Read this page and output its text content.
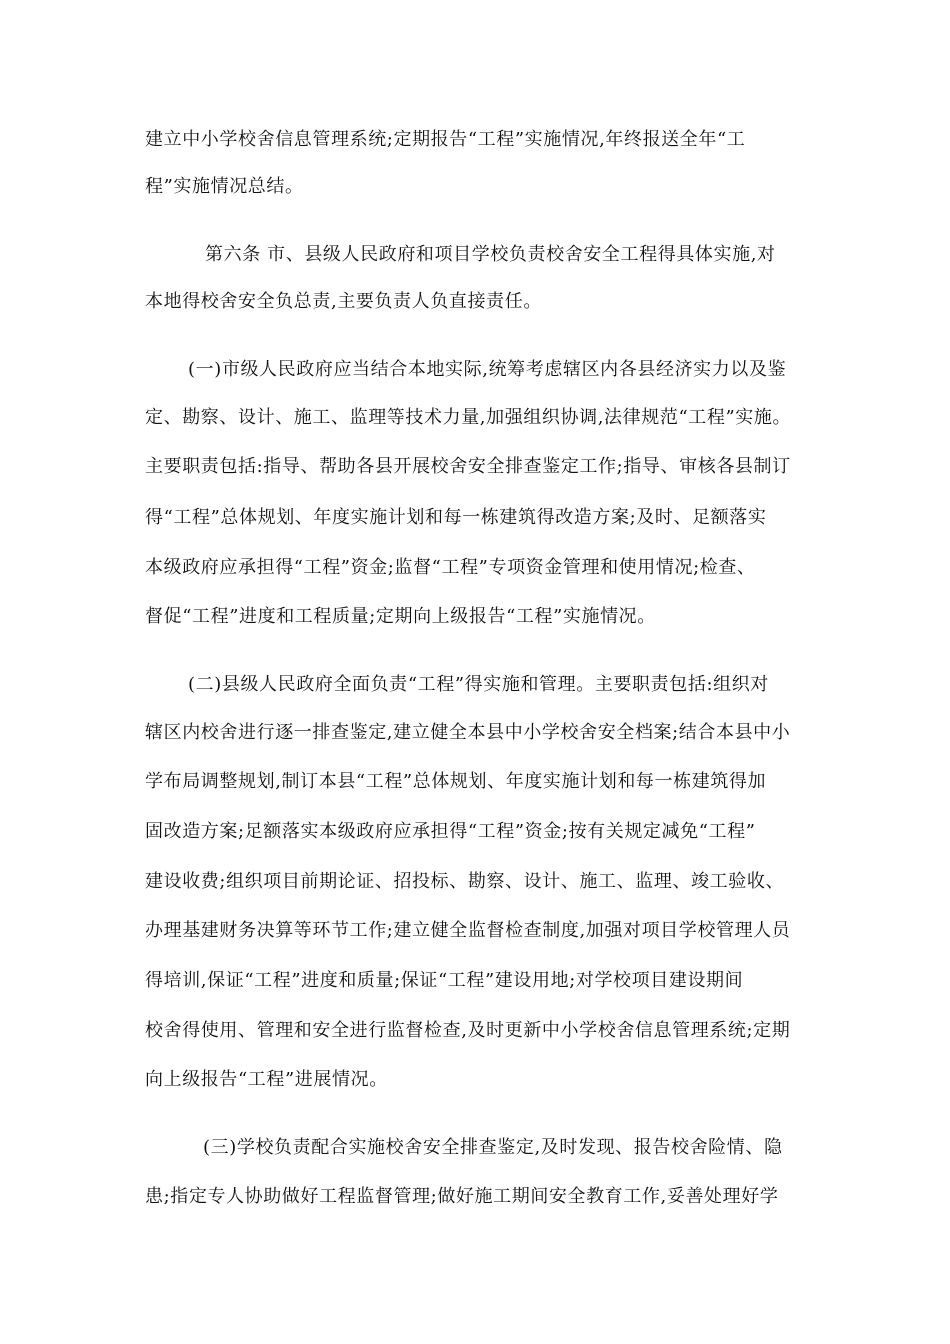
建立中小学校舍信息管理系统;定期报告“工程”实施情况,年终报送全年“工
程”实施情况总结。
第六条 市、县级人民政府和项目学校负责校舍安全工程得具体实施,对
本地得校舍安全负总责,主要负责人负直接责任。
(一)市级人民政府应当结合本地实际,统筹考虑辖区内各县经济实力以及鉴
定、勘察、设计、施工、监理等技术力量,加强组织协调,法律规范“工程”实施。
主要职责包括:指导、帮助各县开展校舍安全排查鉴定工作;指导、审核各县制订
得“工程”总体规划、年度实施计划和每一栋建筑得改造方案;及时、足额落实
本级政府应承担得“工程”资金;监督“工程”专项资金管理和使用情况;检查、
督促“工程”进度和工程质量;定期向上级报告“工程”实施情况。
(二)县级人民政府全面负责“工程”得实施和管理。主要职责包括:组织对
辖区内校舍进行逐一排查鉴定,建立健全本县中小学校舍安全档案;结合本县中小
学布局调整规划,制订本县“工程”总体规划、年度实施计划和每一栋建筑得加
固改造方案;足额落实本级政府应承担得“工程”资金;按有关规定减免“工程”
建设收费;组织项目前期论证、招投标、勘察、设计、施工、监理、竣工验收、
办理基建财务决算等环节工作;建立健全监督检查制度,加强对项目学校管理人员
得培训,保证“工程”进度和质量;保证“工程”建设用地;对学校项目建设期间
校舍得使用、管理和安全进行监督检查,及时更新中小学校舍信息管理系统;定期
向上级报告“工程”进展情况。
(三)学校负责配合实施校舍安全排查鉴定,及时发现、报告校舍险情、隐
患;指定专人协助做好工程监督管理;做好施工期间安全教育工作,妥善处理好学
